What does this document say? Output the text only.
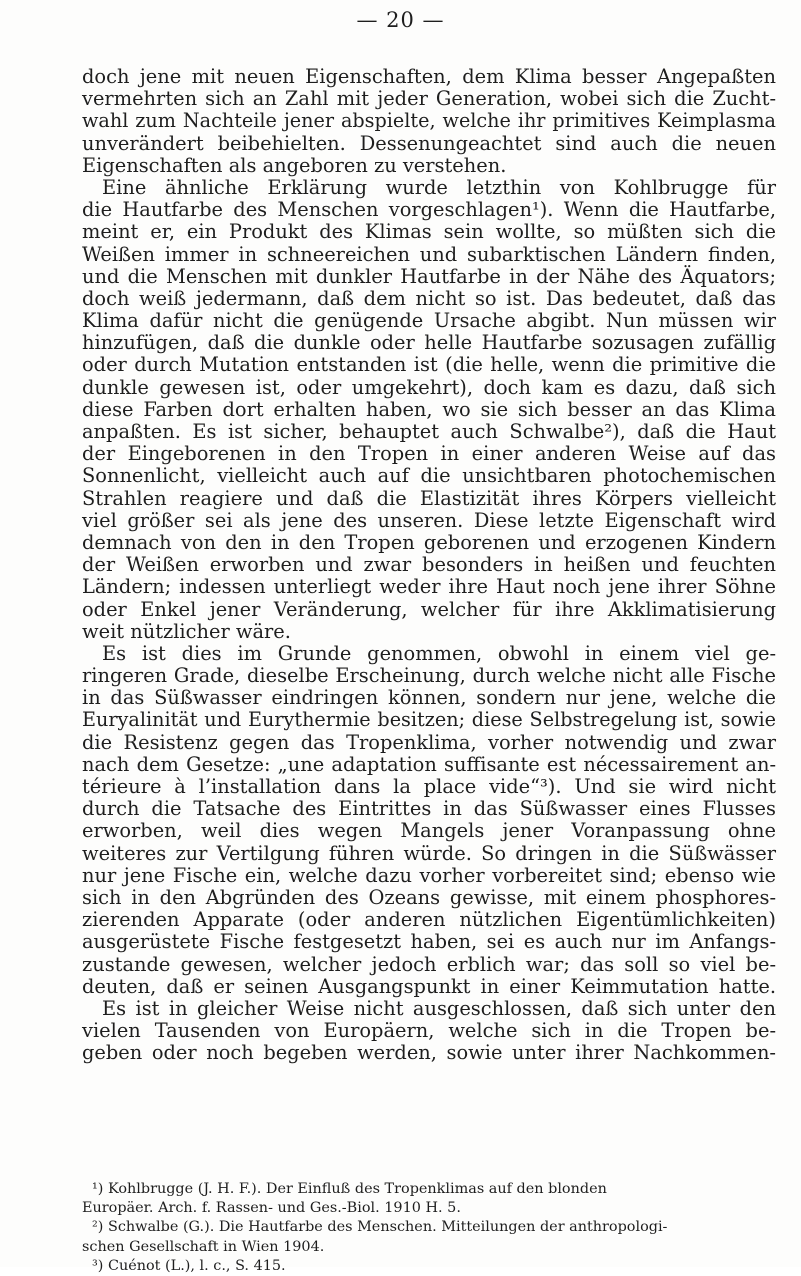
— 20 —
doch jene mit neuen Eigenschaften, dem Klima besser Angepaßten
vermehrten sich an Zahl mit jeder Generation, wobei sich die Zucht-
wahl zum Nachteile jener abspielte, welche ihr primitives Keimplasma
unverändert beibehielten. Dessenungeachtet sind auch die neuen
Eigenschaften als angeboren zu verstehen.
Eine ähnliche Erklärung wurde letzthin von Kohlbrugge für
die Hautfarbe des Menschen vorgeschlagen¹). Wenn die Hautfarbe,
meint er, ein Produkt des Klimas sein wollte, so müßten sich die
Weißen immer in schneereichen und subarktischen Ländern finden,
und die Menschen mit dunkler Hautfarbe in der Nähe des Äquators;
doch weiß jedermann, daß dem nicht so ist. Das bedeutet, daß das
Klima dafür nicht die genügende Ursache abgibt. Nun müssen wir
hinzufügen, daß die dunkle oder helle Hautfarbe sozusagen zufällig
oder durch Mutation entstanden ist (die helle, wenn die primitive die
dunkle gewesen ist, oder umgekehrt), doch kam es dazu, daß sich
diese Farben dort erhalten haben, wo sie sich besser an das Klima
anpaßten. Es ist sicher, behauptet auch Schwalbe²), daß die Haut
der Eingeborenen in den Tropen in einer anderen Weise auf das
Sonnenlicht, vielleicht auch auf die unsichtbaren photochemischen
Strahlen reagiere und daß die Elastizität ihres Körpers vielleicht
viel größer sei als jene des unseren. Diese letzte Eigenschaft wird
demnach von den in den Tropen geborenen und erzogenen Kindern
der Weißen erworben und zwar besonders in heißen und feuchten
Ländern; indessen unterliegt weder ihre Haut noch jene ihrer Söhne
oder Enkel jener Veränderung, welcher für ihre Akklimatisierung
weit nützlicher wäre.
Es ist dies im Grunde genommen, obwohl in einem viel ge-
ringeren Grade, dieselbe Erscheinung, durch welche nicht alle Fische
in das Süßwasser eindringen können, sondern nur jene, welche die
Euryalinität und Eurythermie besitzen; diese Selbstregelung ist, sowie
die Resistenz gegen das Tropenklima, vorher notwendig und zwar
nach dem Gesetze: „une adaptation suffisante est nécessairement an-
térieure à l’installation dans la place vide“³). Und sie wird nicht
durch die Tatsache des Eintrittes in das Süßwasser eines Flusses
erworben, weil dies wegen Mangels jener Voranpassung ohne
weiteres zur Vertilgung führen würde. So dringen in die Süßwässer
nur jene Fische ein, welche dazu vorher vorbereitet sind; ebenso wie
sich in den Abgründen des Ozeans gewisse, mit einem phosphores-
zierenden Apparate (oder anderen nützlichen Eigentümlichkeiten)
ausgerüstete Fische festgesetzt haben, sei es auch nur im Anfangs-
zustande gewesen, welcher jedoch erblich war; das soll so viel be-
deuten, daß er seinen Ausgangspunkt in einer Keimmutation hatte.
Es ist in gleicher Weise nicht ausgeschlossen, daß sich unter den
vielen Tausenden von Europäern, welche sich in die Tropen be-
geben oder noch begeben werden, sowie unter ihrer Nachkommen-
¹) Kohlbrugge (J. H. F.). Der Einfluß des Tropenklimas auf den blonden
Europäer. Arch. f. Rassen- und Ges.-Biol. 1910 H. 5.
²) Schwalbe (G.). Die Hautfarbe des Menschen. Mitteilungen der anthropologi-
schen Gesellschaft in Wien 1904.
³) Cuénot (L.), l. c., S. 415.
